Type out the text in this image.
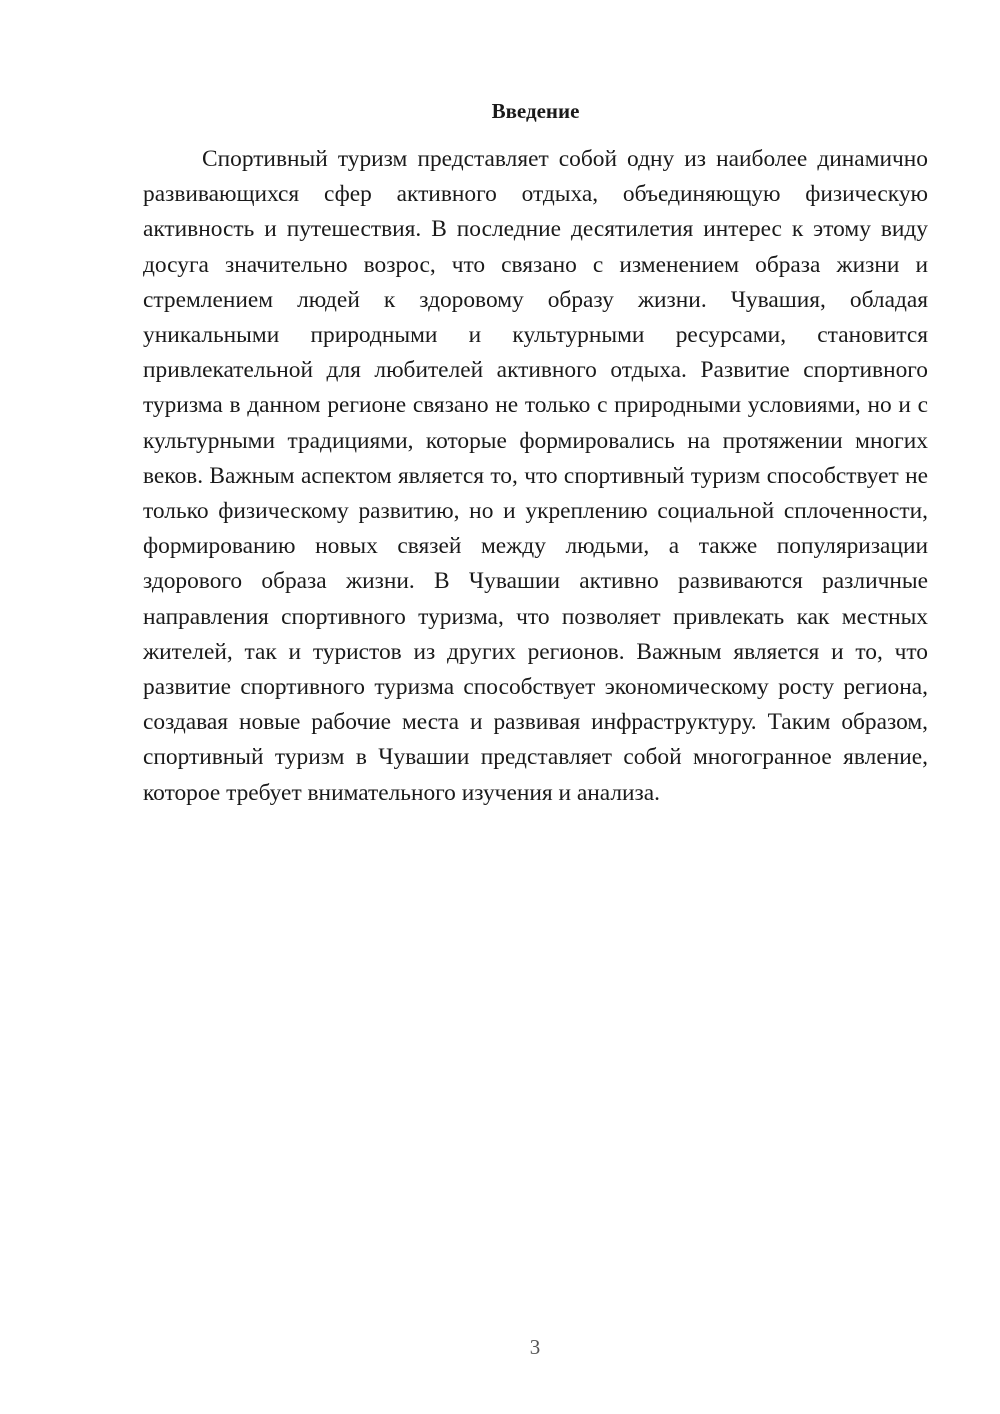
Введение

Спортивный туризм представляет собой одну из наиболее динамично развивающихся сфер активного отдыха, объединяющую физическую активность и путешествия. В последние десятилетия интерес к этому виду досуга значительно возрос, что связано с изменением образа жизни и стремлением людей к здоровому образу жизни. Чувашия, обладая уникальными природными и культурными ресурсами, становится привлекательной для любителей активного отдыха. Развитие спортивного туризма в данном регионе связано не только с природными условиями, но и с культурными традициями, которые формировались на протяжении многих веков. Важным аспектом является то, что спортивный туризм способствует не только физическому развитию, но и укреплению социальной сплоченности, формированию новых связей между людьми, а также популяризации здорового образа жизни. В Чувашии активно развиваются различные направления спортивного туризма, что позволяет привлекать как местных жителей, так и туристов из других регионов. Важным является и то, что развитие спортивного туризма способствует экономическому росту региона, создавая новые рабочие места и развивая инфраструктуру. Таким образом, спортивный туризм в Чувашии представляет собой многогранное явление, которое требует внимательного изучения и анализа.

3
